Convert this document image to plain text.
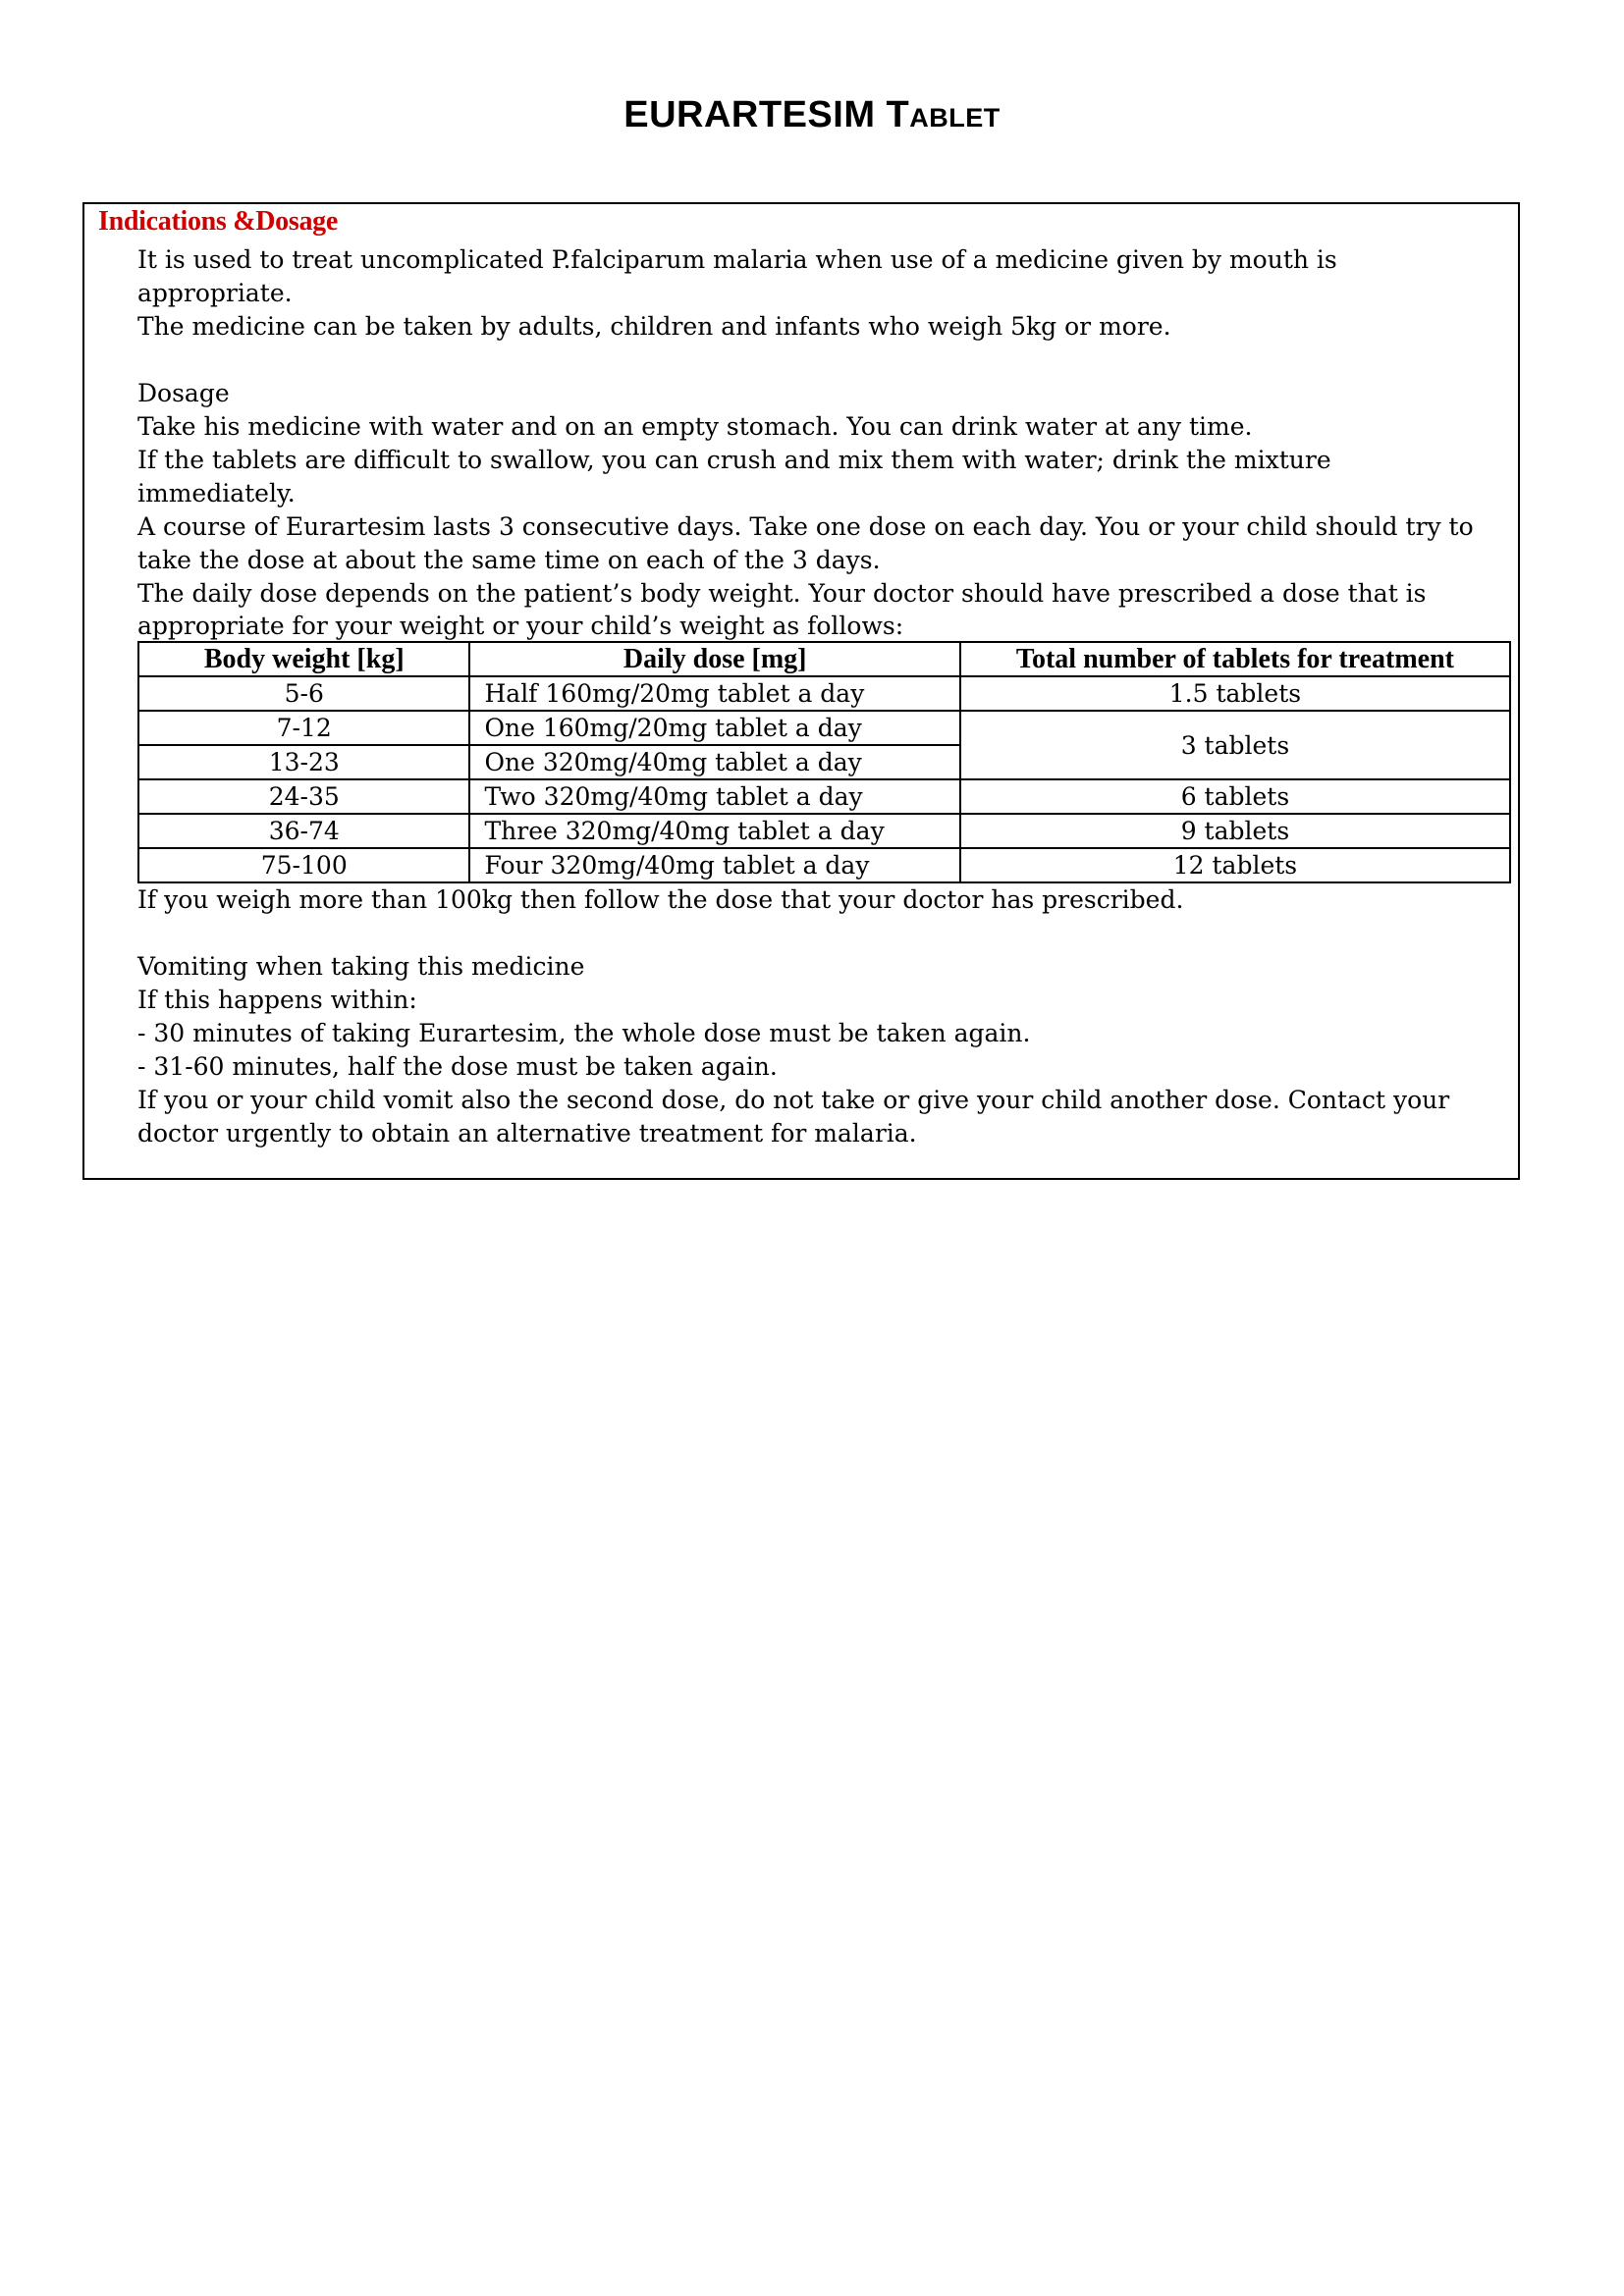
EURARTESIM Tablet
Indications &Dosage
It is used to treat uncomplicated P.falciparum malaria when use of a medicine given by mouth is
appropriate.
The medicine can be taken by adults, children and infants who weigh 5kg or more.
Dosage
Take his medicine with water and on an empty stomach. You can drink water at any time.
If the tablets are difficult to swallow, you can crush and mix them with water; drink the mixture
immediately.
A course of Eurartesim lasts 3 consecutive days. Take one dose on each day. You or your child should try to
take the dose at about the same time on each of the 3 days.
The daily dose depends on the patient’s body weight. Your doctor should have prescribed a dose that is
appropriate for your weight or your child’s weight as follows:
Body weight [kg]	Daily dose [mg]	Total number of tablets for treatment
5-6	Half 160mg/20mg tablet a day	1.5 tablets
7-12	One 160mg/20mg tablet a day	3 tablets
13-23	One 320mg/40mg tablet a day	
24-35	Two 320mg/40mg tablet a day	6 tablets
36-74	Three 320mg/40mg tablet a day	9 tablets
75-100	Four 320mg/40mg tablet a day	12 tablets
If you weigh more than 100kg then follow the dose that your doctor has prescribed.
Vomiting when taking this medicine
If this happens within:
- 30 minutes of taking Eurartesim, the whole dose must be taken again.
- 31-60 minutes, half the dose must be taken again.
If you or your child vomit also the second dose, do not take or give your child another dose. Contact your
doctor urgently to obtain an alternative treatment for malaria.
